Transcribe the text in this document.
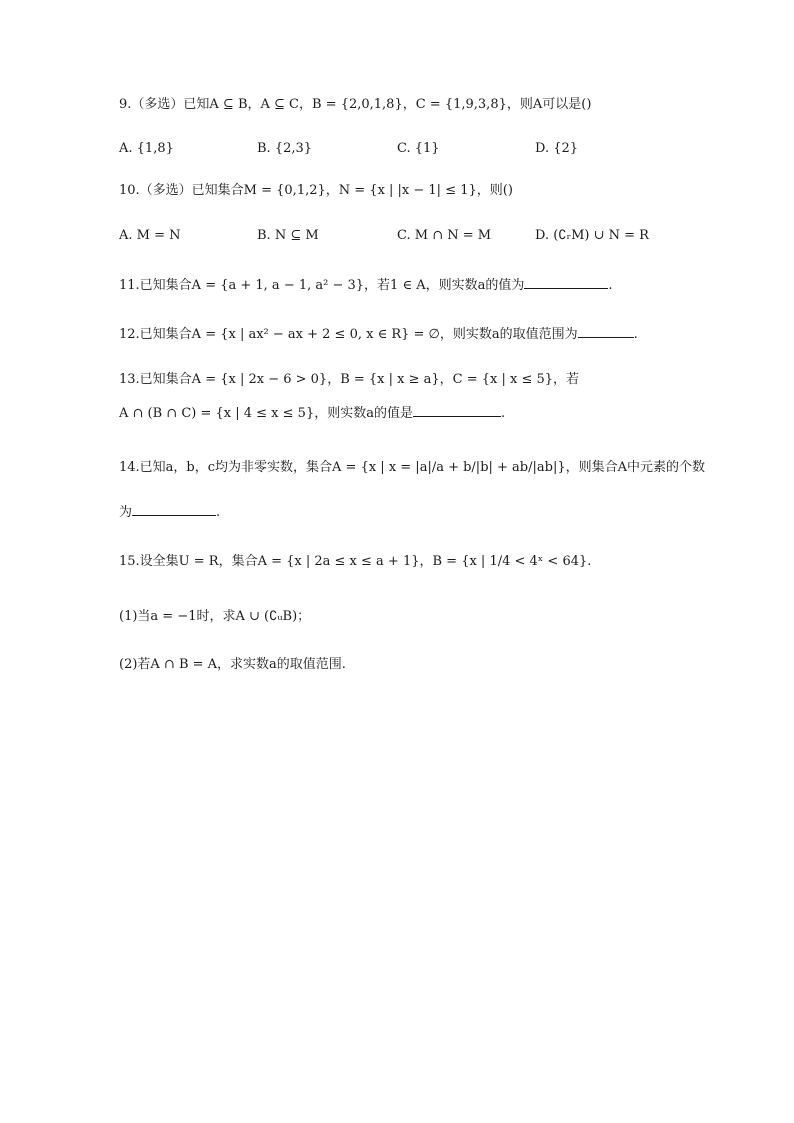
9.（多选）已知A ⊆ B，A ⊆ C，B = {2,0,1,8}，C = {1,9,3,8}，则A可以是()
A. {1,8}	B. {2,3}	C. {1}	D. {2}
10.（多选）已知集合M = {0,1,2}，N = {x | |x − 1| ≤ 1}，则()
A. M = N	B. N ⊆ M	C. M ∩ N = M	D. (∁ᵣM) ∪ N = R
11.已知集合A = {a + 1, a − 1, a² − 3}，若1 ∈ A，则实数a的值为	.
12.已知集合A = {x | ax² − ax + 2 ≤ 0, x ∈ R} = ∅，则实数a的取值范围为	.
13.已知集合A = {x | 2x − 6 > 0}，B = {x | x ≥ a}，C = {x | x ≤ 5}，若
A ∩ (B ∩ C) = {x | 4 ≤ x ≤ 5}，则实数a的值是	.
14.已知a，b，c均为非零实数，集合A = {x | x = |a|/a + b/|b| + ab/|ab|}，则集合A中元素的个数
为	.
15.设全集U = R，集合A = {x | 2a ≤ x ≤ a + 1}，B = {x | 1/4 < 4ˣ < 64}.
(1)当a = −1时，求A ∪ (∁ᵤB)；
(2)若A ∩ B = A，求实数a的取值范围.
